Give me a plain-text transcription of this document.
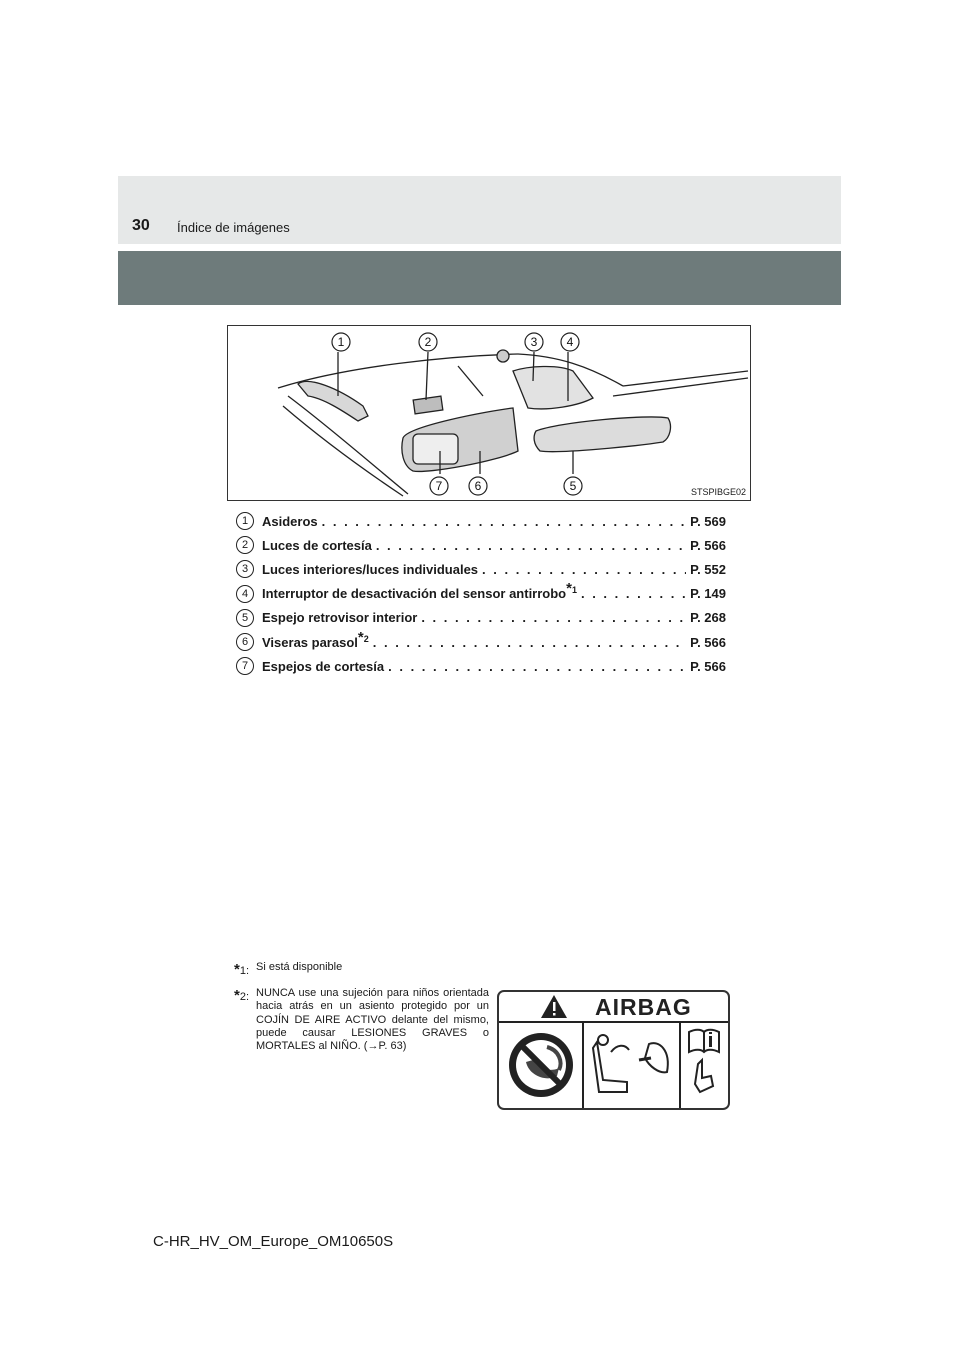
30 Índice de imágenes
1	2	3 4
7	6	5	STSPIBGE02
1	Asideros . . .	P. 569
2	Luces de cortesía . . .	P. 566
3	Luces interiores/luces individuales . . .	P. 552
4	Interruptor de desactivación del sensor antirrobo *1 . . .	P. 149
5	Espejo retrovisor interior . . .	P. 268
6	Viseras parasol *2 . . .	P. 566
7	Espejos de cortesía . . .	P. 566
*1: Si está disponible
*2: NUNCA use una sujeción para niños orientada hacia atrás en un asiento protegido por un COJÍN DE AIRE ACTIVO delante del mismo, puede causar LESIONES GRAVES o MORTALES al NIÑO. (→P. 63)
AIRBAG
C-HR_HV_OM_Europe_OM10650S
